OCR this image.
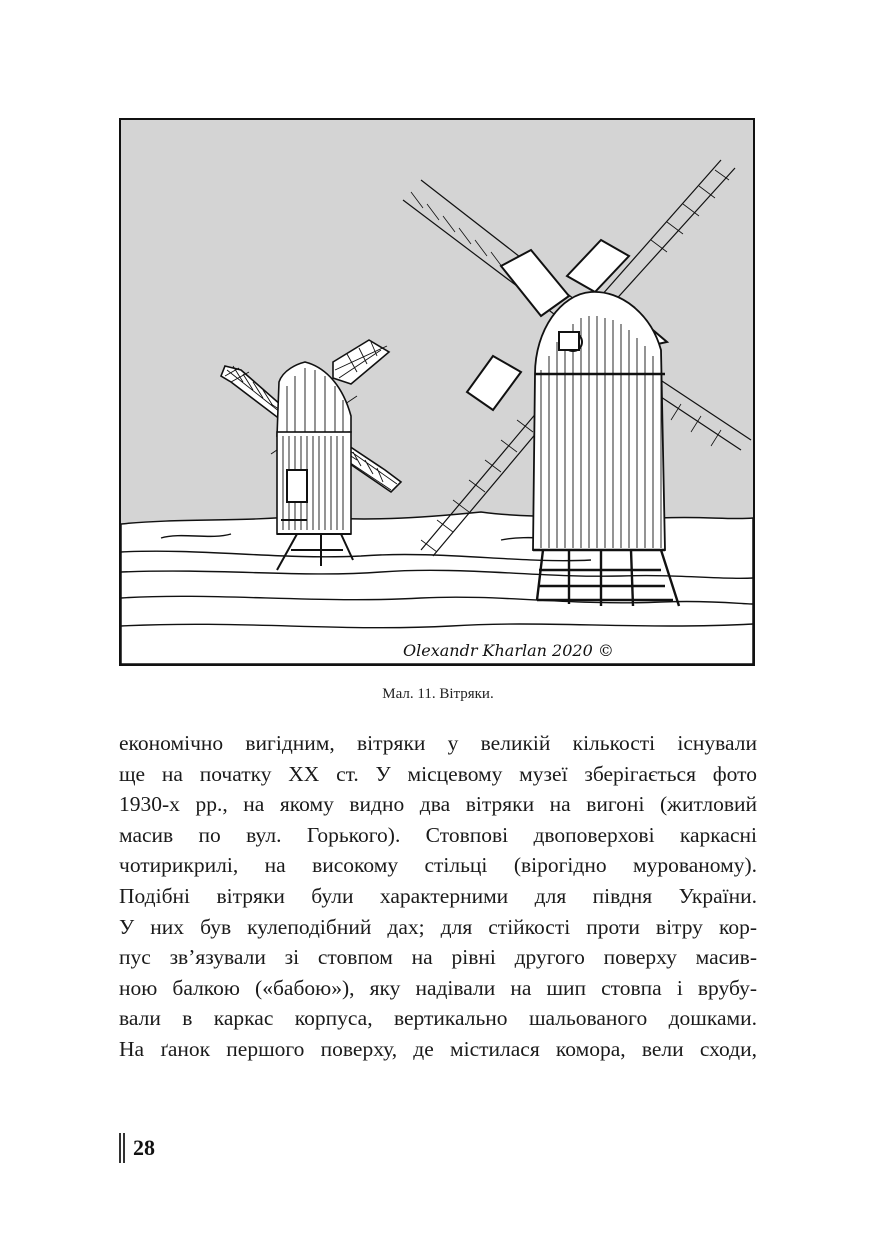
Olexandr Kharlan 2020 ©
Мал. 11. Вітряки.
економічно вигідним, вітряки у великій кількості існували
ще на початку XX ст. У місцевому музеї зберігається фото
1930-х рр., на якому видно два вітряки на вигоні (житловий
масив по вул. Горького). Стовпові двоповерхові каркасні
чотирикрилі, на високому стільці (вірогідно мурованому).
Подібні вітряки були характерними для півдня України.
У них був кулеподібний дах; для стійкості проти вітру кор-
пус зв’язували зі стовпом на рівні другого поверху масив-
ною балкою («бабою»), яку надівали на шип стовпа і врубу-
вали в каркас корпуса, вертикально шальованого дошками.
На ґанок першого поверху, де містилася комора, вели сходи,
28
